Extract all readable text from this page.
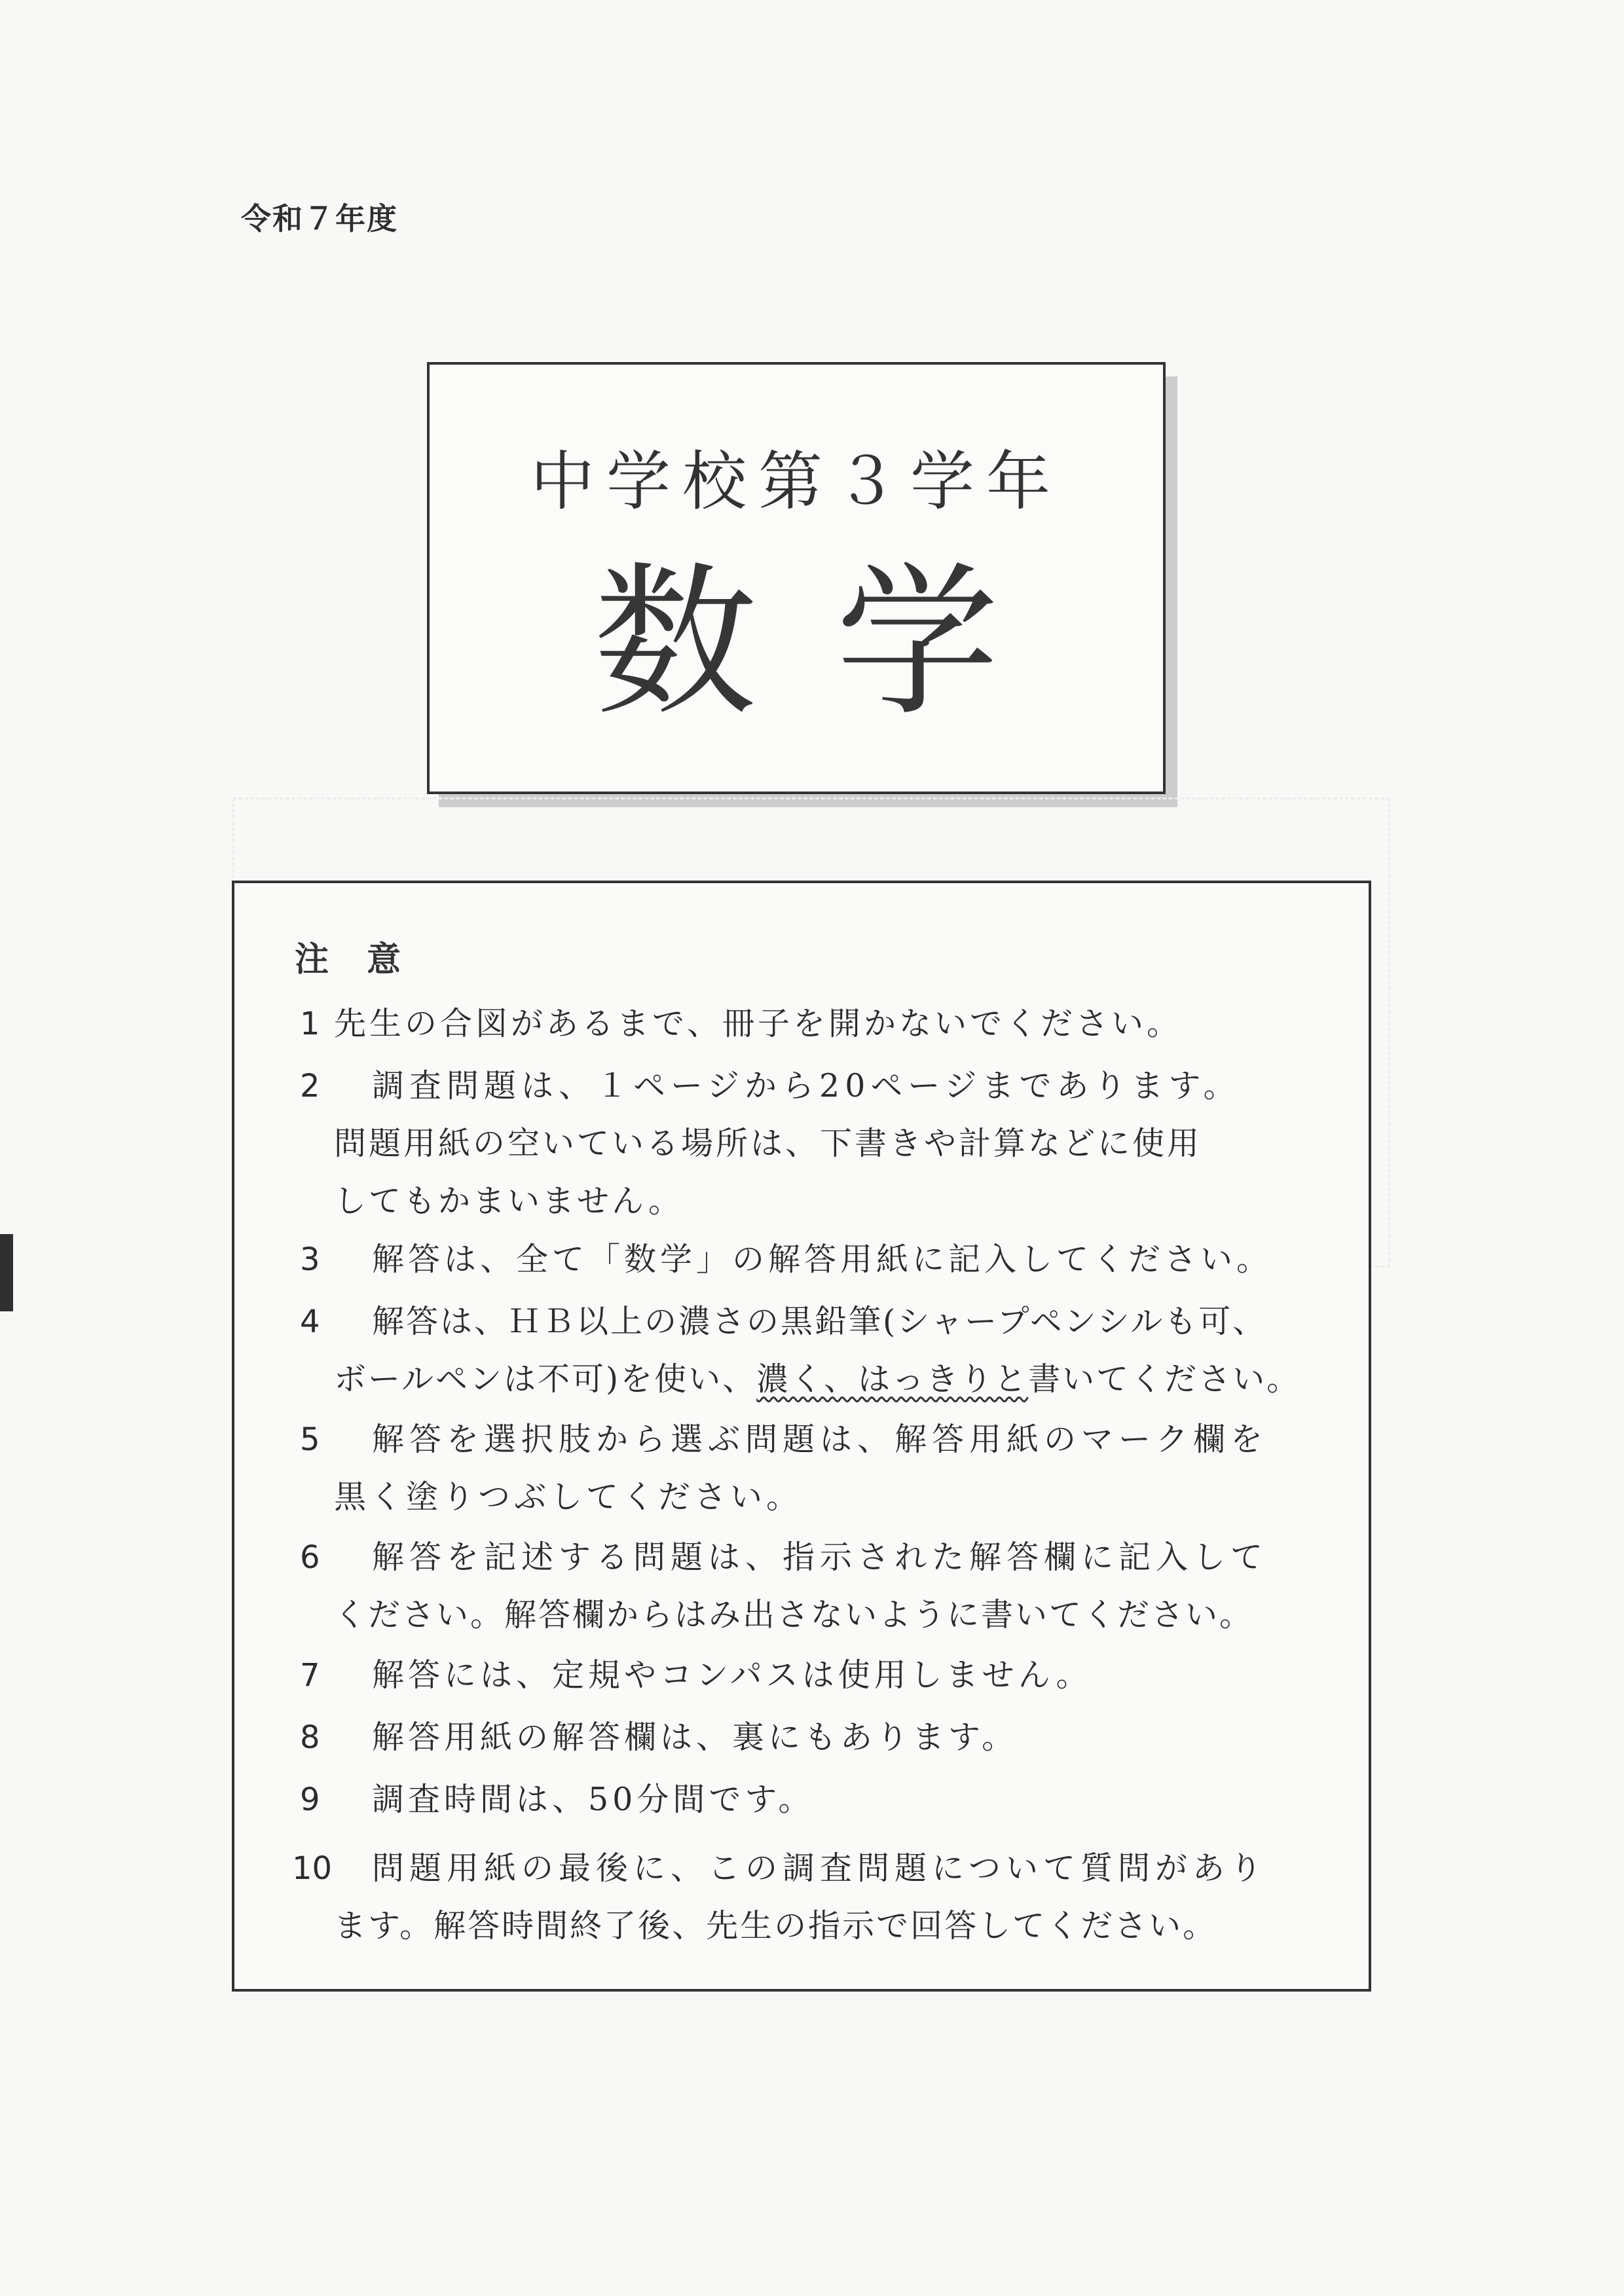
令和７年度
中学校第３学年
数学
注意
1 先生の合図があるまで、冊子を開かないでください。
2 調査問題は、１ページから20ページまであります。
問題用紙の空いている場所は、下書きや計算などに使用
してもかまいません。
3 解答は、全て「数学」の解答用紙に記入してください。
4 解答は、ＨＢ以上の濃さの黒鉛筆(シャープペンシルも可、
ボールペンは不可)を使い、濃く、はっきりと書いてください。
5 解答を選択肢から選ぶ問題は、解答用紙のマーク欄を
黒く塗りつぶしてください。
6 解答を記述する問題は、指示された解答欄に記入して
ください。解答欄からはみ出さないように書いてください。
7 解答には、定規やコンパスは使用しません。
8 解答用紙の解答欄は、裏にもあります。
9 調査時間は、50分間です。
10 問題用紙の最後に、この調査問題について質問があり
ます。解答時間終了後、先生の指示で回答してください。
